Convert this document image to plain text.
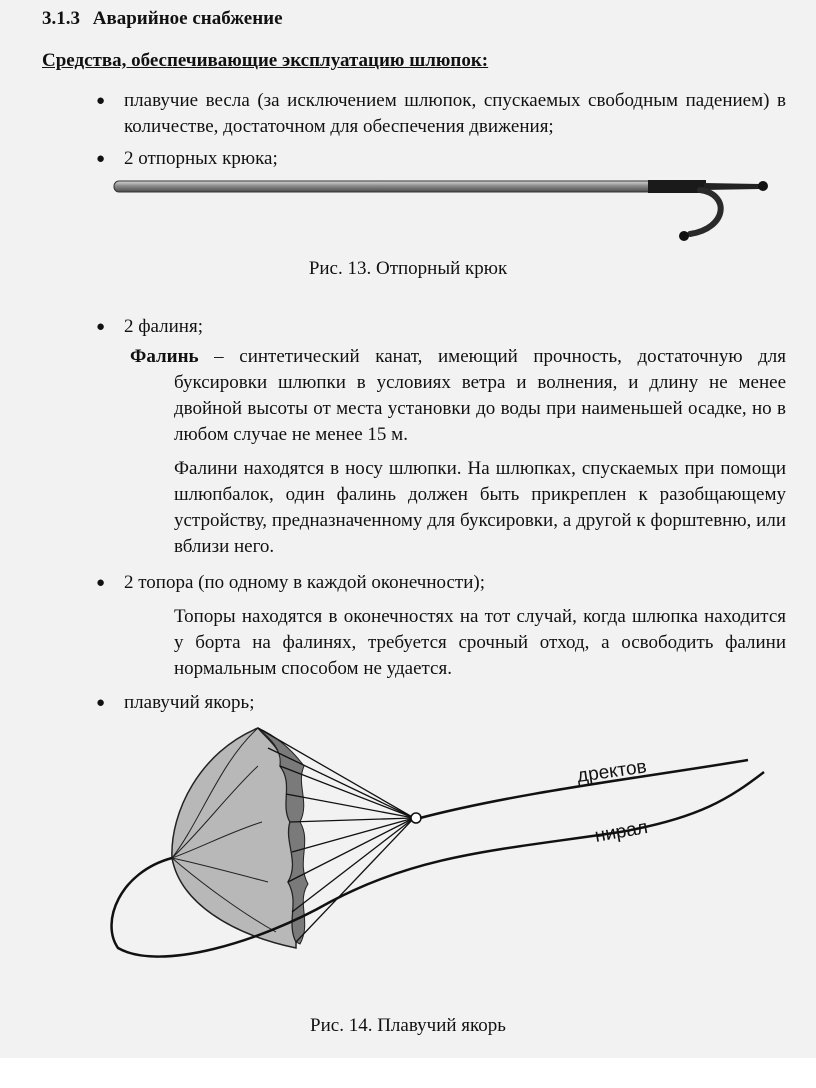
3.1.3 Аварийное снабжение
Средства, обеспечивающие эксплуатацию шлюпок:
● плавучие весла (за исключением шлюпок, спускаемых свободным падением) в количестве, достаточном для обеспечения движения;
● 2 отпорных крюка;
Рис. 13. Отпорный крюк
● 2 фалиня;
Фалинь – синтетический канат, имеющий прочность, достаточную для буксировки шлюпки в условиях ветра и волнения, и длину не менее двойной высоты от места установки до воды при наименьшей осадке, но в любом случае не менее 15 м.
Фалини находятся в носу шлюпки. На шлюпках, спускаемых при помощи шлюпбалок, один фалинь должен быть прикреплен к разобщающему устройству, предназначенному для буксировки, а другой к форштевню, или вблизи него.
● 2 топора (по одному в каждой оконечности);
Топоры находятся в оконечностях на тот случай, когда шлюпка находится у борта на фалинях, требуется срочный отход, а освободить фалини нормальным способом не удается.
● плавучий якорь;
дректов
нирал
Рис. 14. Плавучий якорь
